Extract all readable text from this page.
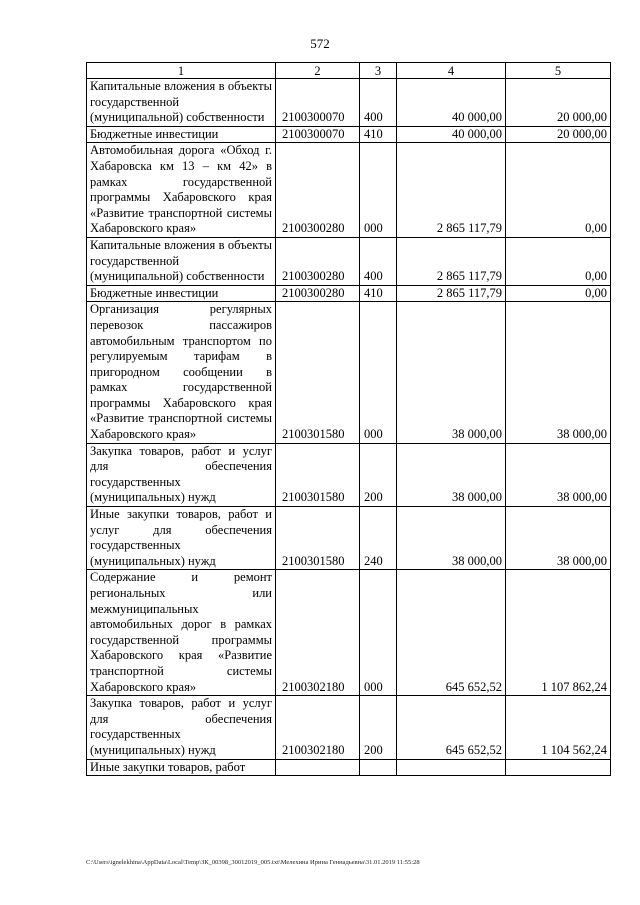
572
1	2	3	4	5
Капитальные вложения в объекты государственной (муниципальной) собственности	2100300070	400	40 000,00	20 000,00
Бюджетные инвестиции	2100300070	410	40 000,00	20 000,00
Автомобильная дорога «Обход г. Хабаровска км 13 – км 42» в рамках государственной программы Хабаровского края «Развитие транспортной системы Хабаровского края»	2100300280	000	2 865 117,79	0,00
Капитальные вложения в объекты государственной (муниципальной) собственности	2100300280	400	2 865 117,79	0,00
Бюджетные инвестиции	2100300280	410	2 865 117,79	0,00
Организация регулярных перевозок пассажиров автомобильным транспортом по регулируемым тарифам в пригородном сообщении в рамках государственной программы Хабаровского края «Развитие транспортной системы Хабаровского края»	2100301580	000	38 000,00	38 000,00
Закупка товаров, работ и услуг для обеспечения государственных (муниципальных) нужд	2100301580	200	38 000,00	38 000,00
Иные закупки товаров, работ и услуг для обеспечения государственных (муниципальных) нужд	2100301580	240	38 000,00	38 000,00
Содержание и ремонт региональных или межмуниципальных автомобильных дорог в рамках государственной программы Хабаровского края «Развитие транспортной системы Хабаровского края»	2100302180	000	645 652,52	1 107 862,24
Закупка товаров, работ и услуг для обеспечения государственных (муниципальных) нужд	2100302180	200	645 652,52	1 104 562,24
Иные закупки товаров, работ				
C:\Users\ignelekhina\AppData\Local\Temp\ЗК_00398_30012019_005.txt\Мелехина Ирина Геннадьевна\31.01.2019 11:55:28
